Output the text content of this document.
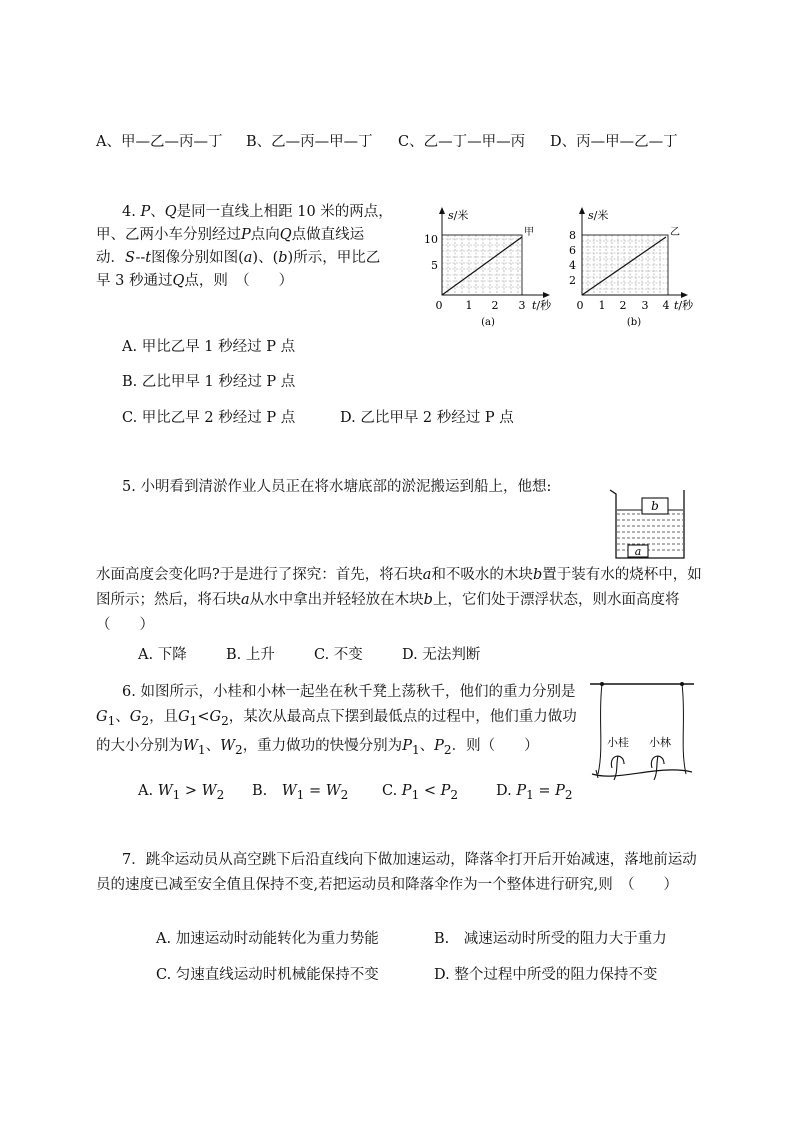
A、甲—乙—丙—丁 B、乙—丙—甲—丁 C、乙—丁—甲—丙 D、丙—甲—乙—丁
4. P、Q是同一直线上相距 10 米的两点，
甲、乙两小车分别经过P点向Q点做直线运
动．S--t图像分别如图(a)、(b)所示，甲比乙
早 3 秒通过Q点，则　（　　）
s/米
10
5
甲
0 1 2 3 t/秒
(a)
s/米
8
6
4
2
乙
0 1 2 3 4 t/秒
(b)
A. 甲比乙早 1 秒经过 P 点
B. 乙比甲早 1 秒经过 P 点
C. 甲比乙早 2 秒经过 P 点	D. 乙比甲早 2 秒经过 P 点
5. 小明看到清淤作业人员正在将水塘底部的淤泥搬运到船上，他想:
b
a
水面高度会变化吗?于是进行了探究：首先，将石块a和不吸水的木块b置于装有水的烧杯中，如图所示；然后，将石块a从水中拿出并轻轻放在木块b上，它们处于漂浮状态，则水面高度将　（　　）
A. 下降	B. 上升	C. 不变	D. 无法判断
6. 如图所示，小桂和小林一起坐在秋千凳上荡秋千，他们的重力分别是$G_1$、$G_2$，且$G_1<G_2$，某次从最高点下摆到最低点的过程中，他们重力做功的大小分别为$W_1$、$W_2$，重力做功的快慢分别为$P_1$、$P_2$．则（　　）	小桂 小林
A. $W_1 > W_2$ B.　$W_1 = W_2$ C. $P_1 < P_2$	D. $P_1 = P_2$
7．跳伞运动员从高空跳下后沿直线向下做加速运动，降落伞打开后开始减速，落地前运动员的速度已减至安全值且保持不变,若把运动员和降落伞作为一个整体进行研究,则　（　　）
A. 加速运动时动能转化为重力势能	B.　减速运动时所受的阻力大于重力
C. 匀速直线运动时机械能保持不变	D. 整个过程中所受的阻力保持不变
